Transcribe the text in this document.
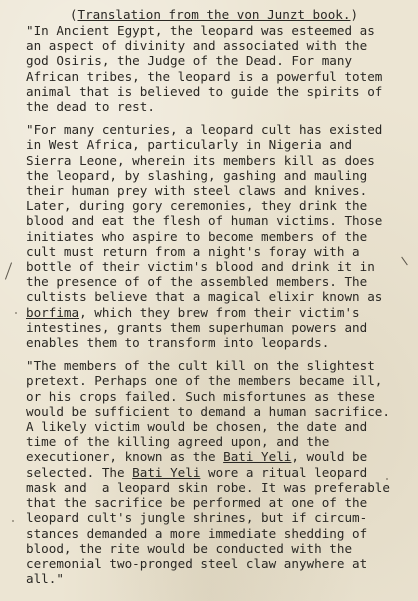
(Translation from the von Junzt book.)
"In Ancient Egypt, the leopard was esteemed as
an aspect of divinity and associated with the
god Osiris, the Judge of the Dead. For many
African tribes, the leopard is a powerful totem
animal that is believed to guide the spirits of
the dead to rest.
"For many centuries, a leopard cult has existed
in West Africa, particularly in Nigeria and
Sierra Leone, wherein its members kill as does
the leopard, by slashing, gashing and mauling
their human prey with steel claws and knives.
Later, during gory ceremonies, they drink the
blood and eat the flesh of human victims. Those
initiates who aspire to become members of the
cult must return from a night's foray with a
bottle of their victim's blood and drink it in
the presence of of the assembled members. The
cultists believe that a magical elixir known as
borfima, which they brew from their victim's
intestines, grants them superhuman powers and
enables them to transform into leopards.
"The members of the cult kill on the slightest
pretext. Perhaps one of the members became ill,
or his crops failed. Such misfortunes as these
would be sufficient to demand a human sacrifice.
A likely victim would be chosen, the date and
time of the killing agreed upon, and the
executioner, known as the Bati Yeli, would be
selected. The Bati Yeli wore a ritual leopard
mask and  a leopard skin robe. It was preferable
that the sacrifice be performed at one of the
leopard cult's jungle shrines, but if circum-
stances demanded a more immediate shedding of
blood, the rite would be conducted with the
ceremonial two-pronged steel claw anywhere at
all."
